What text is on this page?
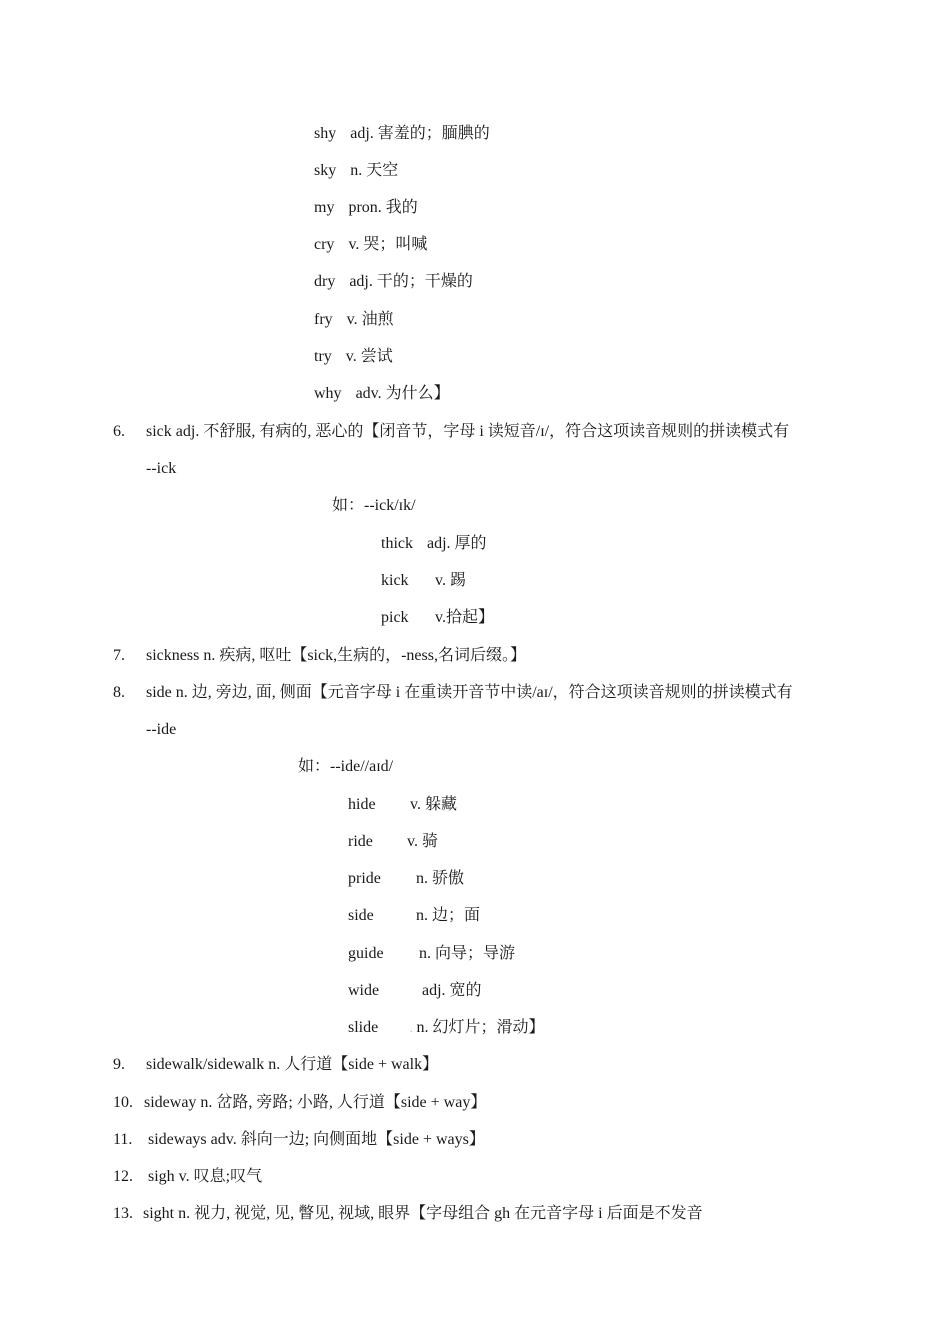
shy adj. 害羞的；腼腆的
sky n. 天空
my pron. 我的
cry v. 哭；叫喊
dry adj. 干的；干燥的
fry v. 油煎
try v. 尝试
why adv. 为什么】
6. sick adj. 不舒服, 有病的, 恶心的【闭音节，字母 i 读短音/ɪ/，符合这项读音规则的拼读模式有
--ick
如：--ick/ɪk/
thick adj. 厚的
kick v. 踢
pick v.拾起】
7. sickness n. 疾病, 呕吐【sick,生病的，-ness,名词后缀。】
8. side n. 边, 旁边, 面, 侧面【元音字母 i 在重读开音节中读/aɪ/，符合这项读音规则的拼读模式有
--ide
如：--ide//aɪd/
hide v. 躲藏
ride v. 骑
pride n. 骄傲
side	n. 边；面
guide n. 向导；导游
wide	adj. 宽的
slide	. n. 幻灯片；滑动】
9. sidewalk/sidewalk n. 人行道【side + walk】
10. sideway n. 岔路, 旁路; 小路, 人行道【side + way】
11. sideways adv. 斜向一边; 向侧面地【side + ways】
12. sigh v. 叹息;叹气
13. sight n. 视力, 视觉, 见, 瞥见, 视域, 眼界【字母组合 gh 在元音字母 i 后面是不发音
